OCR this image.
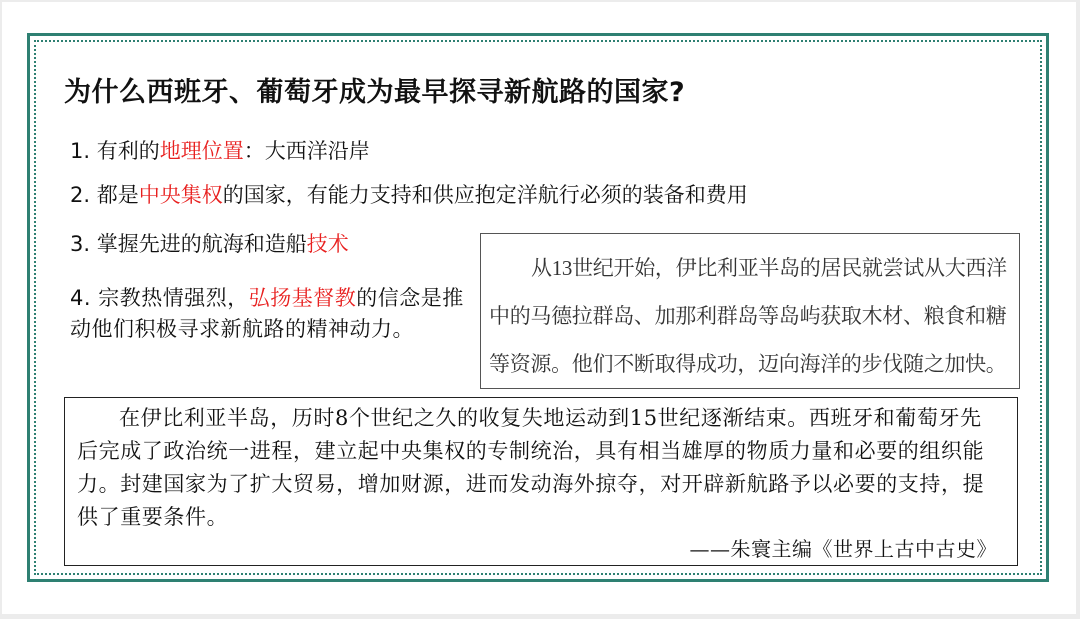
为什么西班牙、葡萄牙成为最早探寻新航路的国家?
1. 有利的地理位置：大西洋沿岸
2. 都是中央集权的国家，有能力支持和供应抱定洋航行必须的装备和费用
3. 掌握先进的航海和造船技术
4. 宗教热情强烈，弘扬基督教的信念是推动他们积极寻求新航路的精神动力。
从13世纪开始，伊比利亚半岛的居民就尝试从大西洋中的马德拉群岛、加那利群岛等岛屿获取木材、粮食和糖等资源。他们不断取得成功，迈向海洋的步伐随之加快。
在伊比利亚半岛，历时8个世纪之久的收复失地运动到15世纪逐渐结束。西班牙和葡萄牙先后完成了政治统一进程，建立起中央集权的专制统治，具有相当雄厚的物质力量和必要的组织能力。封建国家为了扩大贸易，增加财源，进而发动海外掠夺，对开辟新航路予以必要的支持，提供了重要条件。
——朱寰主编《世界上古中古史》
